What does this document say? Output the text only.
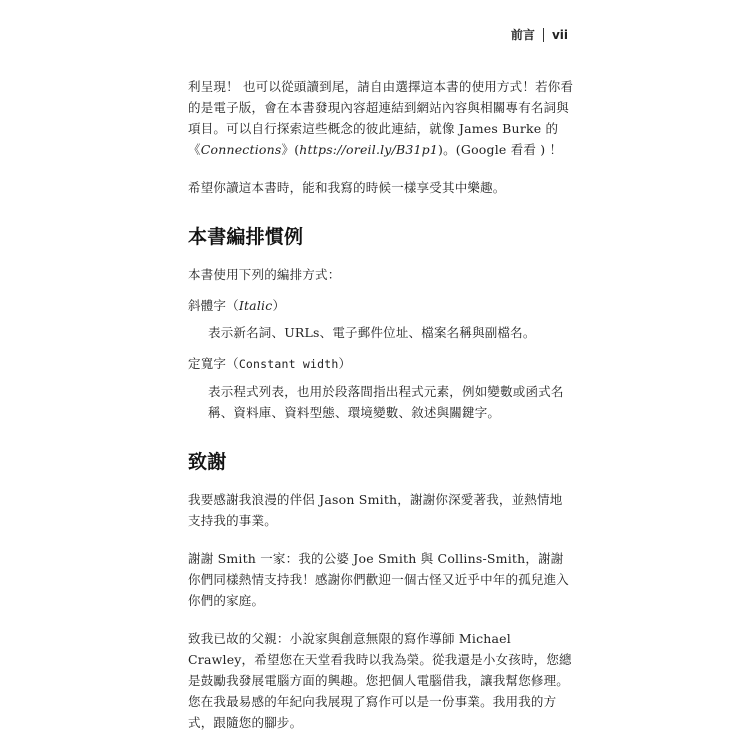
前言 vii

利呈現！ 也可以從頭讀到尾，請自由選擇這本書的使用方式！若你看的是電子版，會在本書發現內容超連結到網站內容與相關專有名詞與項目。可以自行探索這些概念的彼此連結，就像 James Burke 的《Connections》(https://oreil.ly/B31p1)。(Google 看看 ) ！

希望你讀這本書時，能和我寫的時候一樣享受其中樂趣。

本書編排慣例

本書使用下列的編排方式：

斜體字（Italic）

表示新名詞、URLs、電子郵件位址、檔案名稱與副檔名。

定寬字（Constant width）

表示程式列表，也用於段落間指出程式元素，例如變數或函式名稱、資料庫、資料型態、環境變數、敘述與關鍵字。

致謝

我要感謝我浪漫的伴侶 Jason Smith，謝謝你深愛著我，並熱情地支持我的事業。

謝謝 Smith 一家：我的公婆 Joe Smith 與 Collins-Smith，謝謝你們同樣熱情支持我！感謝你們歡迎一個古怪又近乎中年的孤兒進入你們的家庭。

致我已故的父親：小說家與創意無限的寫作導師 Michael Crawley，希望您在天堂看我時以我為榮。從我還是小女孩時，您總是鼓勵我發展電腦方面的興趣。您把個人電腦借我，讓我幫您修理。您在我最易感的年紀向我展現了寫作可以是一份事業。我用我的方式，跟隨您的腳步。
